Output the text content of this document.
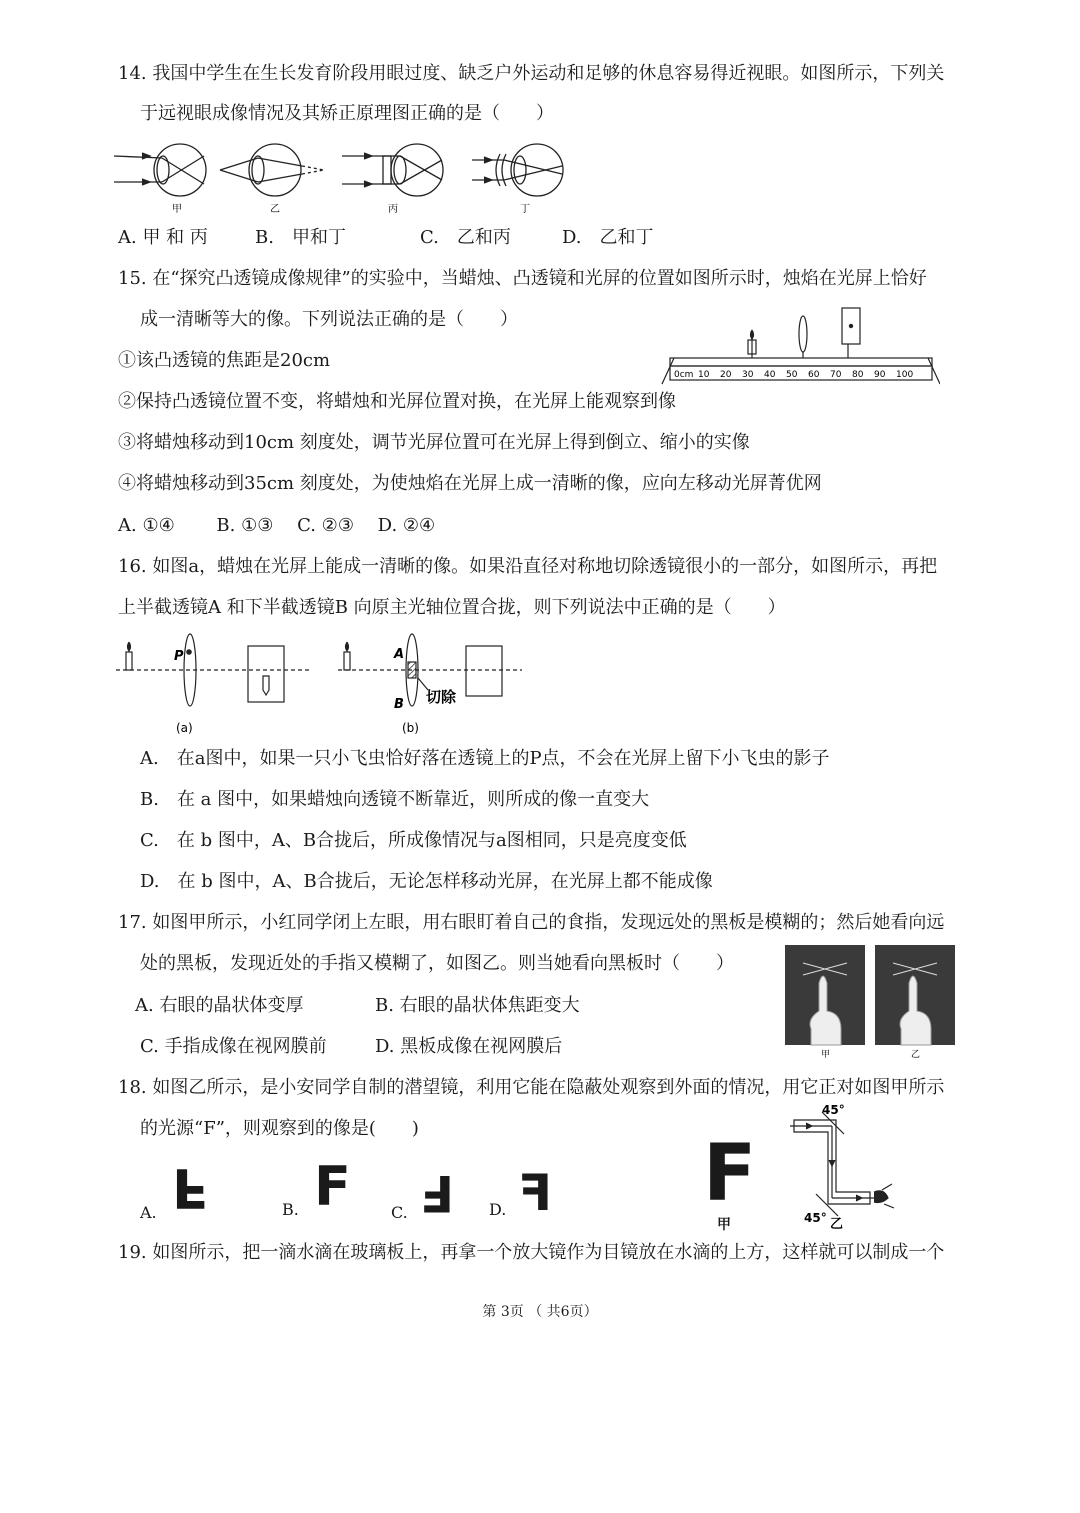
14. 我国中学生在生长发育阶段用眼过度、缺乏户外运动和足够的休息容易得近视眼。如图所示，下列关
于远视眼成像情况及其矫正原理图正确的是（　　）
甲	乙	丙	丁
A. 甲 和 丙	B.　甲和丁	C.　乙和丙	D.　乙和丁
15. 在“探究凸透镜成像规律”的实验中，当蜡烛、凸透镜和光屏的位置如图所示时，烛焰在光屏上恰好
成一清晰等大的像。下列说法正确的是（　　）
0cm 10 20 30 40 50 60 70 80 90 100
①该凸透镜的焦距是20cm
②保持凸透镜位置不变，将蜡烛和光屏位置对换，在光屏上能观察到像
③将蜡烛移动到10cm 刻度处，调节光屏位置可在光屏上得到倒立、缩小的实像
④将蜡烛移动到35cm 刻度处，为使烛焰在光屏上成一清晰的像，应向左移动光屏菁优网
A. ①④　　 B. ①③　 C. ②③　 D. ②④
16. 如图a，蜡烛在光屏上能成一清晰的像。如果沿直径对称地切除透镜很小的一部分，如图所示，再把
上半截透镜A 和下半截透镜B 向原主光轴位置合拢，则下列说法中正确的是（　　）
P
(a)
A
B 切除
(b)
A.　在a图中，如果一只小飞虫恰好落在透镜上的P点，不会在光屏上留下小飞虫的影子
B.　在 a 图中，如果蜡烛向透镜不断靠近，则所成的像一直变大
C.　在 b 图中，A、B合拢后，所成像情况与a图相同，只是亮度变低
D.　在 b 图中，A、B合拢后，无论怎样移动光屏，在光屏上都不能成像
17. 如图甲所示，小红同学闭上左眼，用右眼盯着自己的食指，发现远处的黑板是模糊的；然后她看向远
处的黑板，发现近处的手指又模糊了，如图乙。则当她看向黑板时（　　）
A. 右眼的晶状体变厚	B. 右眼的晶状体焦距变大
C. 手指成像在视网膜前	D. 黑板成像在视网膜后	甲	乙
18. 如图乙所示，是小安同学自制的潜望镜，利用它能在隐蔽处观察到外面的情况，用它正对如图甲所示
的光源“F”，则观察到的像是(　　)
A. F	B. F	C. F D. F F
甲
45°
45° 乙
19. 如图所示，把一滴水滴在玻璃板上，再拿一个放大镜作为目镜放在水滴的上方，这样就可以制成一个
第 3页 （ 共6页）
